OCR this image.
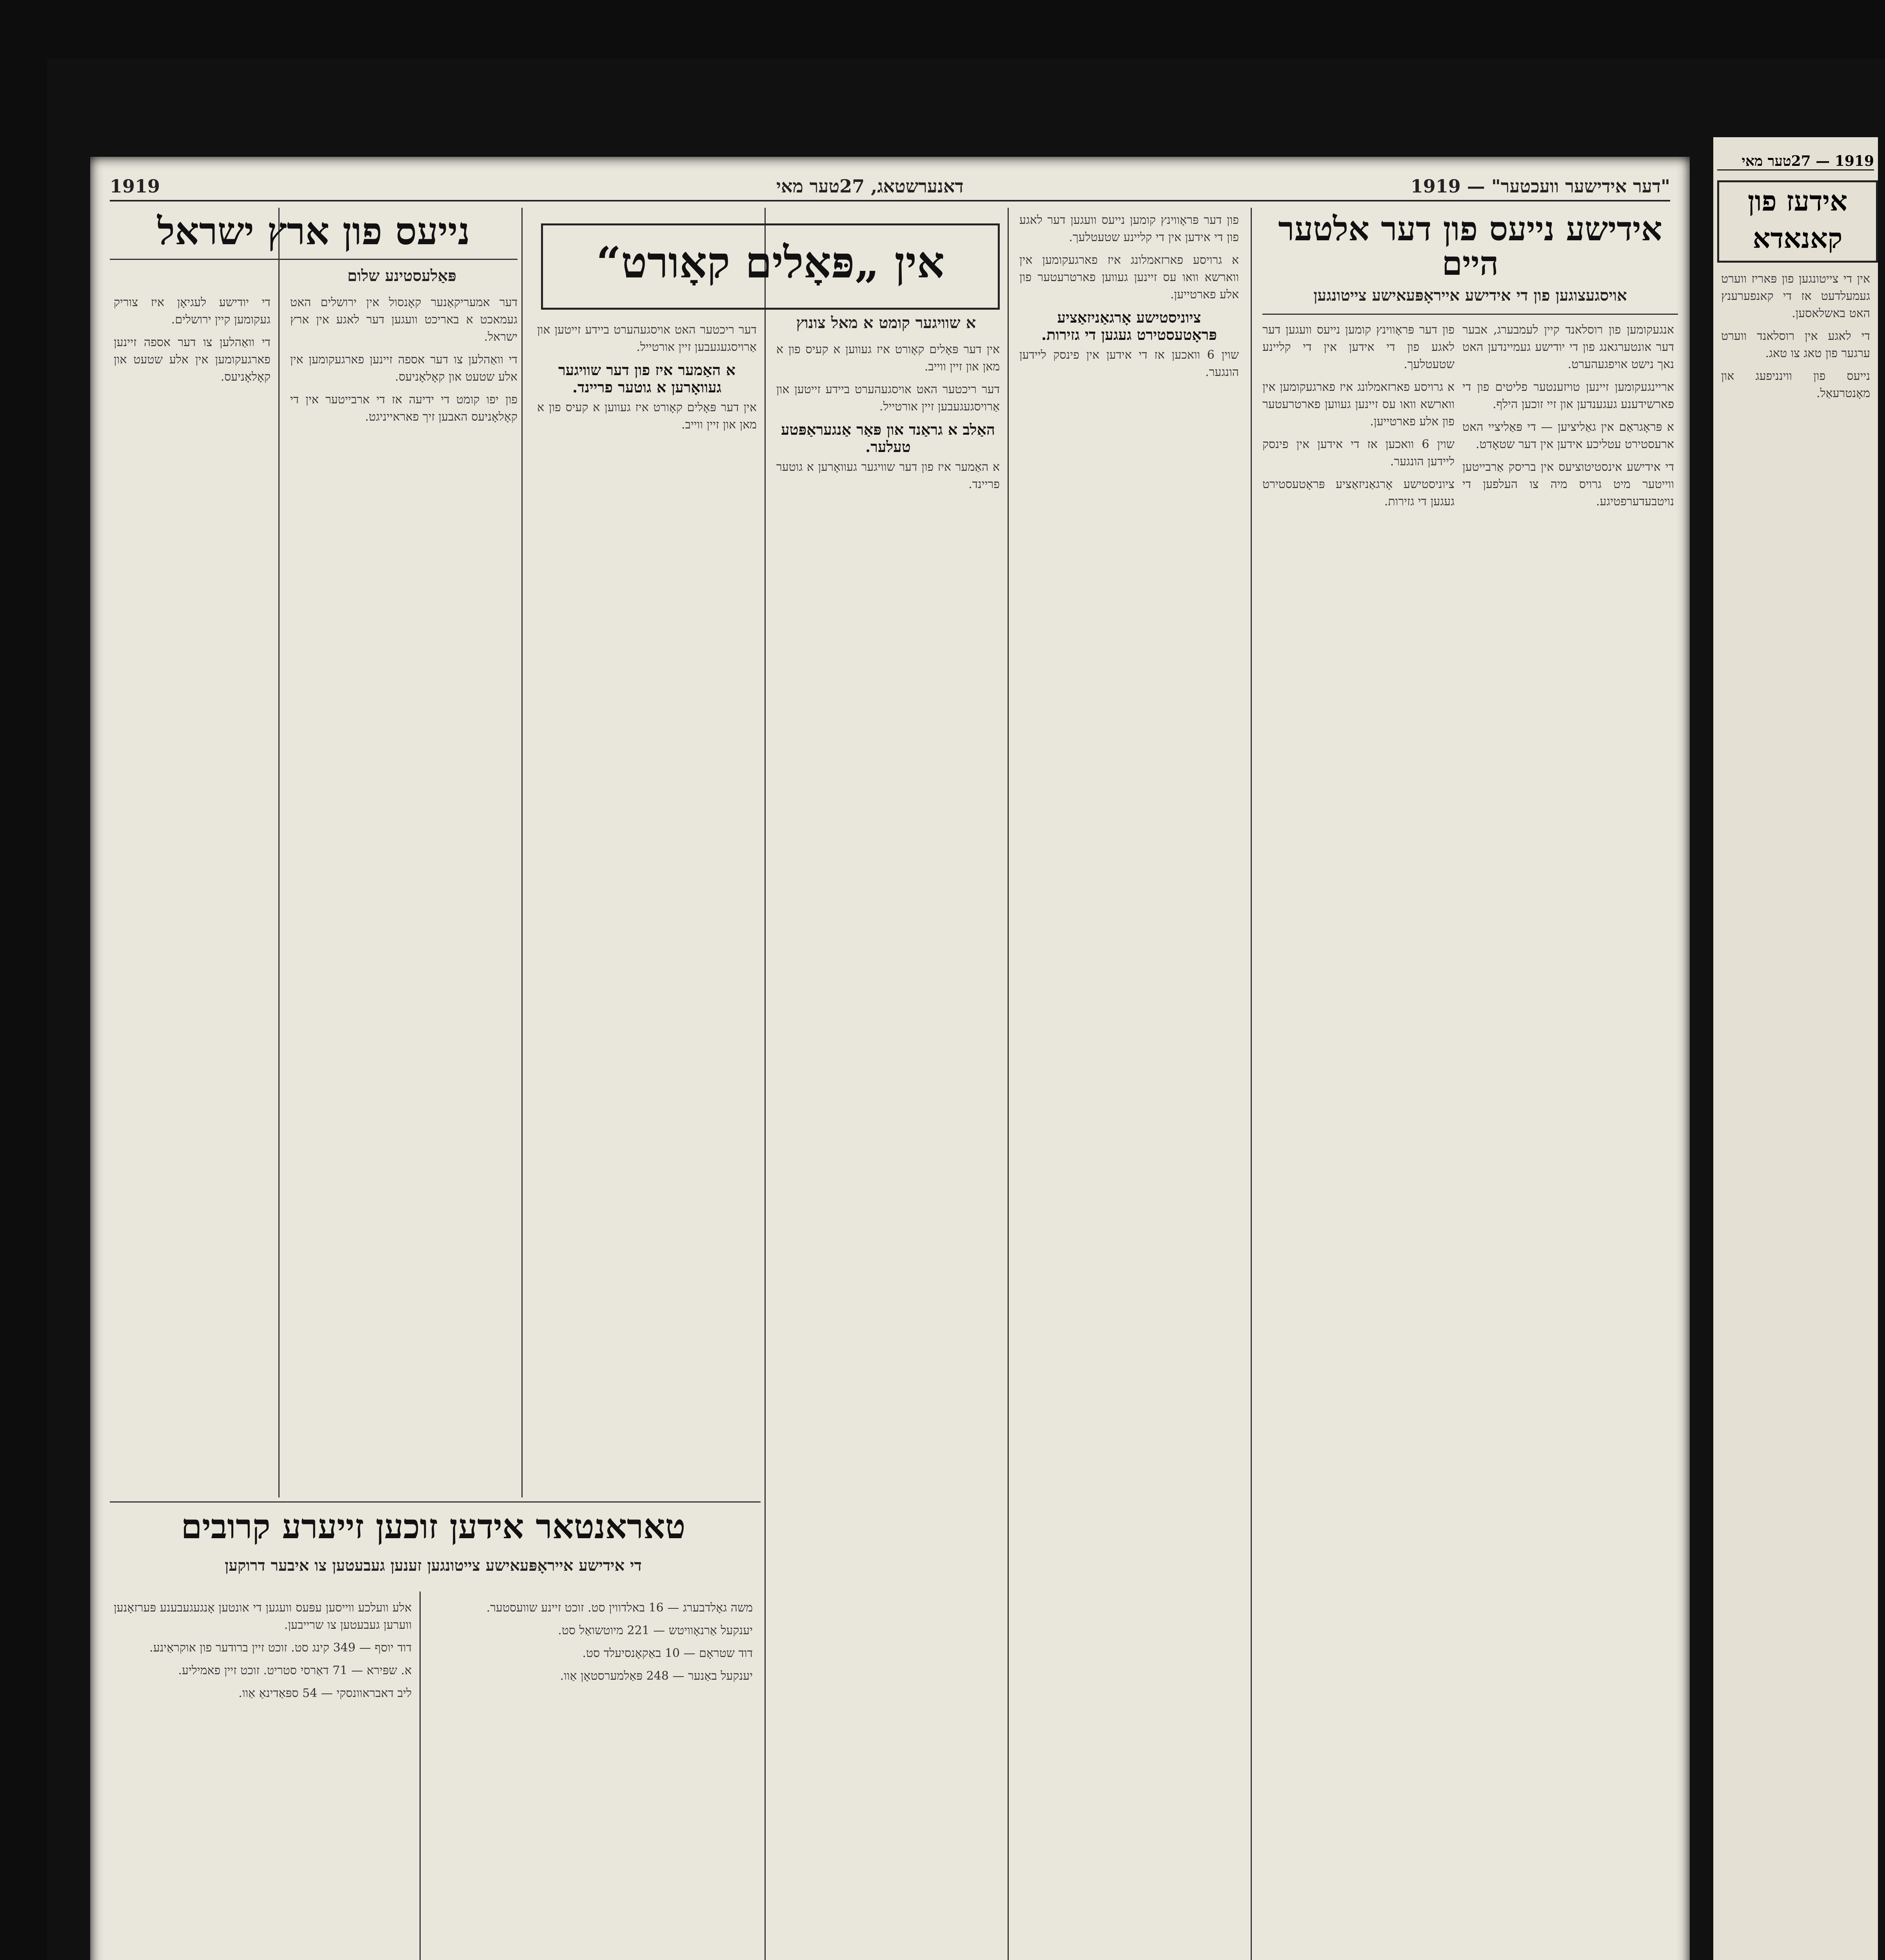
"דער אידישער וועכטער" — 1919
דאנערשטאג, 27טער מאי
1919
אידישע נייעס פון דער אלטער היים
אויסגעצוגען פון די אידישע אייראָפּעאישע צייטונגען

אנגעקומען פון רוסלאנד קיין לעמבערג, אבער דער אונטערגאנג פון די יודישע געמיינדען האט נאך נישט אויפגעהערט.

אריינגעקומען זיינען טויזענטער פליטים פון די פארשידענע געגענדען און זיי זוכען הילף.

א פּראָגראַם אין גאַליציען — די פּאַליציי האט ארעסטירט עטליכע אידען אין דער שטאָדט.

די אידישע אינסטיטוציעס אין בריסק אַרבייטען ווייטער מיט גרויס מיה צו העלפען די נויטבעדערפטיגע.

פון דער פּראָווינץ קומען נייעס וועגען דער לאגע פון די אידען אין די קליינע שטעטלעך.

א גרויסע פארזאמלונג איז פארגעקומען אין ווארשא וואו עס זיינען געווען פארטרעטער פון אלע פארטייען.

שוין 6 וואכען אז די אידען אין פינסק ליידען הונגער.

ציוניסטישע אָרגאַניזאַציע פּראָטעסטירט געגען די גזירות.

פון דער פּראָווינץ קומען נייעס וועגען דער לאגע פון די אידען אין די קליינע שטעטלעך.

א גרויסע פארזאמלונג איז פארגעקומען אין ווארשא וואו עס זיינען געווען פארטרעטער פון אלע פארטייען.

ציוניסטישע אָרגאַניזאַציע פּראָטעסטירט געגען די גזירות.

שוין 6 וואכען אז די אידען אין פינסק ליידען הונגער.

אין „פּאָלים קאָורט“
א שוויגער קומט א מאל צונוץ

אין דער פּאָלים קאָורט איז געווען א קעיס פון א מאן און זיין ווייב.

דער ריכטער האט אויסגעהערט ביידע זייטען און אַרויסגעגעבען זיין אורטייל.

האַלב א גראַנד און פּאַר אַנגעראַפּטע טעלער.

א האַמער איז פון דער שוויגער געוואָרען א גוטער פריינד.

דער ריכטער האט אויסגעהערט ביידע זייטען און אַרויסגעגעבען זיין אורטייל.

א האַמער איז פון דער שוויגער געוואָרען א גוטער פריינד.

אין דער פּאָלים קאָורט איז געווען א קעיס פון א מאן און זיין ווייב.

נייעס פון ארץ ישראל
פּאַלעסטינע שלום

דער אמעריקאַנער קאָנסול אין ירושלים האט געמאכט א באריכט וועגען דער לאגע אין ארץ ישראל.

די וואַהלען צו דער אספה זיינען פארגעקומען אין אלע שטעט און קאָלאָניעס.

פון יפו קומט די ידיעה אז די ארבייטער אין די קאָלאָניעס האבען זיך פאראייניגט.

די יודישע לעגיאָן איז צוריק געקומען קיין ירושלים.

די וואַהלען צו דער אספה זיינען פארגעקומען אין אלע שטעט און קאָלאָניעס.

טאראנטאר אידען זוכען זייערע קרובים
די אידישע אייראָפּעאישע צייטונגען זענען געבעטען צו איבער דרוקען

משה גאָלדבערג — 16 באלדווין סט. זוכט זיינע שוועסטער.

יענקעל אַרנאָוויטש — 221 מיוטשואַל סט.

דוד שטראָם — 10 באַקאָנסיעלד סט.

יענקעל באַנער — 248 פּאַלמערסטאָן אַוו.

אלע וועלכע ווייסען עפּעס וועגען די אונטען אָנגעגעבענע פּערזאָנען ווערען געבעטען צו שרייבען.

דוד יוסף — 349 קינג סט. זוכט זיין ברודער פון אוקראַינע.

א. שפּירא — 71 דאַרסי סטריט. זוכט זיין פאמיליע.

ליב דאבראוונסקי — 54 ספּאַדינאַ אַוו.

1919 — 27טער מאי
אידעז פון קאנאדא

אין די צייטונגען פון פּאריז ווערט געמעלדעט אז די קאנפערענץ האט באשלאסען.

די לאגע אין רוסלאנד ווערט ערגער פון טאג צו טאג.

נייעס פון ווינניפעג און מאָנטרעאַל.
